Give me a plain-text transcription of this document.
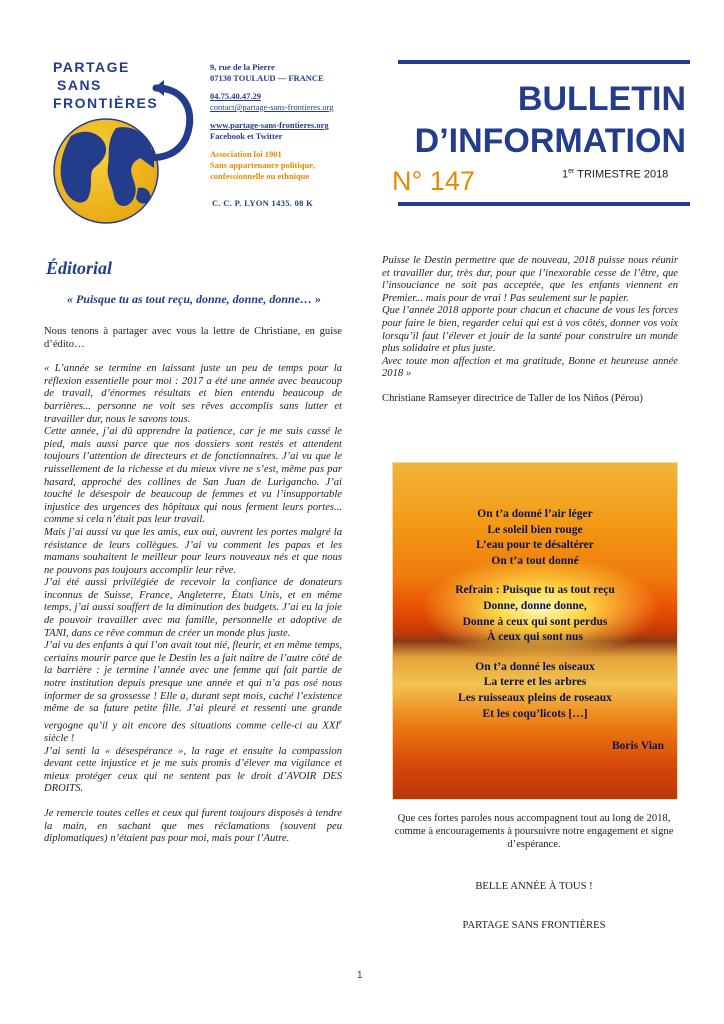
PARTAGE
SANS
FRONTIÈRES
9, rue de la Pierre
07130 TOULAUD — FRANCE
04.75.40.47.29
contact@partage-sans-frontieres.org
www.partage-sans-frontieres.org
Facebook et Twitter
Association loi 1901
Sans appartenance politique,
confessionnelle ou ethnique
C. C. P. LYON 1435. 08 K
BULLETIN
D’INFORMATION
N° 147	1er TRIMESTRE 2018
Éditorial
« Puisque tu as tout reçu, donne, donne, donne… »

Nous tenons à partager avec vous la lettre de Christiane, en guise d’édito…

« L’année se termine en laissant juste un peu de temps pour la réflexion essentielle pour moi : 2017 a été une année avec beaucoup de travail, d’énormes résultats et bien entendu beaucoup de barrières... personne ne voit ses rêves accomplis sans lutter et travailler dur, nous le savons tous.

Cette année, j’ai dû apprendre la patience, car je me suis cassé le pied, mais aussi parce que nos dossiers sont restés et attendent toujours l’attention de directeurs et de fonctionnaires. J’ai vu que le ruissellement de la richesse et du mieux vivre ne s’est, même pas par hasard, approché des collines de San Juan de Lurigancho. J’ai touché le désespoir de beaucoup de femmes et vu l’insupportable injustice des urgences des hôpitaux qui nous ferment leurs portes... comme si cela n’était pas leur travail.

Mais j’ai aussi vu que les amis, eux oui, ouvrent les portes malgré la résistance de leurs collègues. J’ai vu comment les papas et les mamans souhaitent le meilleur pour leurs nouveaux nés et que nous ne pouvons pas toujours accomplir leur rêve.

J’ai été aussi privilégiée de recevoir la confiance de donateurs inconnus de Suisse, France, Angleterre, États Unis, et en même temps, j’ai aussi souffert de la diminution des budgets. J’ai eu la joie de pouvoir travailler avec ma famille, personnelle et adoptive de TANI, dans ce rêve commun de créer un monde plus juste.

J’ai vu des enfants à qui l’on avait tout nié, fleurir, et en même temps, certains mourir parce que le Destin les a fait naître de l’autre côté de la barrière : je termine l’année avec une femme qui fait partie de notre institution depuis presque une année et qui n’a pas osé nous informer de sa grossesse ! Elle a, durant sept mois, caché l’existence même de sa future petite fille. J’ai pleuré et ressenti une grande vergogne qu’il y ait encore des situations comme celle-ci au XXIe siècle !

J’ai senti la « désespérance », la rage et ensuite la compassion devant cette injustice et je me suis promis d’élever ma vigilance et mieux protéger ceux qui ne sentent pas le droit d’AVOIR DES DROITS.

Je remercie toutes celles et ceux qui furent toujours disposés à tendre la main, en sachant que mes réclamations (souvent peu diplomatiques) n’étaient pas pour moi, mais pour l’Autre.

Puisse le Destin permettre que de nouveau, 2018 puisse nous réunir et travailler dur, très dur, pour que l’inexorable cesse de l’être, que l’insouciance ne soit pas acceptée, que les enfants viennent en Premier... mais pour de vrai ! Pas seulement sur le papier.

Que l’année 2018 apporte pour chacun et chacune de vous les forces pour faire le bien, regarder celui qui est à vos côtés, donner vos voix lorsqu’il faut l’élever et jouir de la santé pour construire un monde plus solidaire et plus juste.

Avec toute mon affection et ma gratitude, Bonne et heureuse année 2018 »

Christiane Ramseyer directrice de Taller de los Niños (Pérou)

On t’a donné l’air léger
Le soleil bien rouge
L’eau pour te désaltérer
On t’a tout donné
Refrain : Puisque tu as tout reçu
Donne, donne donne,
Donne à ceux qui sont perdus
À ceux qui sont nus
On t’a donné les oiseaux
La terre et les arbres
Les ruisseaux pleins de roseaux
Et les coqu’licots […]
Boris Vian
Que ces fortes paroles nous accompagnent tout au long de 2018, comme à encouragements à poursuivre notre engagement et signe d’espérance.
BELLE ANNÉE À TOUS !
PARTAGE SANS FRONTIÈRES
1
